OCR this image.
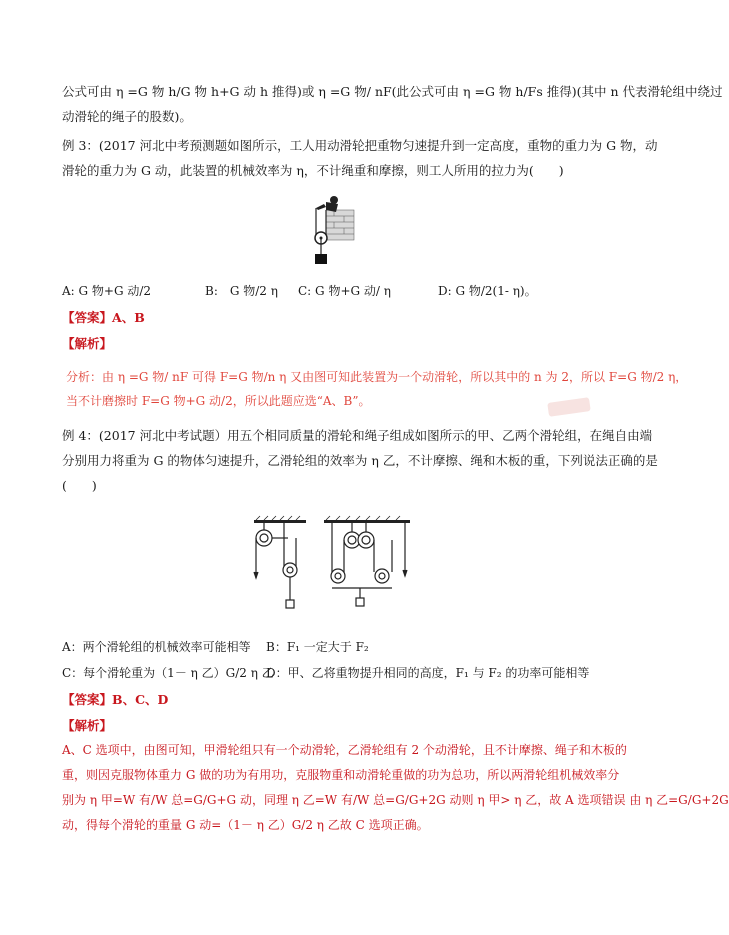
公式可由 η =G 物 h/G 物 h+G 动 h 推得)或 η =G 物/ nF(此公式可由 η =G 物 h/Fs 推得)(其中 n 代表滑轮组中绕过
动滑轮的绳子的股数)。
例 3：(2017 河北中考预测题如图所示，工人用动滑轮把重物匀速提升到一定高度，重物的重力为 G 物，动
滑轮的重力为 G 动，此装置的机械效率为 η，不计绳重和摩擦，则工人所用的拉力为(　　)
A: G 物+G 动/2	B:　G 物/2 η C: G 物+G 动/ η	D: G 物/2(1- η)。
【答案】A、B
【解析】
分析：由 η =G 物/ nF 可得 F=G 物/n η 又由图可知此装置为一个动滑轮，所以其中的 n 为 2，所以 F=G 物/2 η，
当不计磨擦时 F=G 物+G 动/2，所以此题应选“A、B”。
例 4：(2017 河北中考试题）用五个相同质量的滑轮和绳子组成如图所示的甲、乙两个滑轮组，在绳自由端
分别用力将重为 G 的物体匀速提升，乙滑轮组的效率为 η 乙，不计摩擦、绳和木板的重，下列说法正确的是
(　　)
A：两个滑轮组的机械效率可能相等 B：F₁ 一定大于 F₂
C：每个滑轮重为（1－ η 乙）G/2 η 乙
D：甲、乙将重物提升相同的高度，F₁ 与 F₂ 的功率可能相等
【答案】B、C、D
【解析】
A、C 选项中，由图可知，甲滑轮组只有一个动滑轮，乙滑轮组有 2 个动滑轮，且不计摩擦、绳子和木板的
重，则因克服物体重力 G 做的功为有用功，克服物重和动滑轮重做的功为总功，所以两滑轮组机械效率分
别为 η 甲=W 有/W 总=G/G+G 动，同理 η 乙=W 有/W 总=G/G+2G 动则 η 甲> η 乙，故 A 选项错误 由 η 乙=G/G+2G
动，得每个滑轮的重量 G 动=（1－ η 乙）G/2 η 乙故 C 选项正确。
